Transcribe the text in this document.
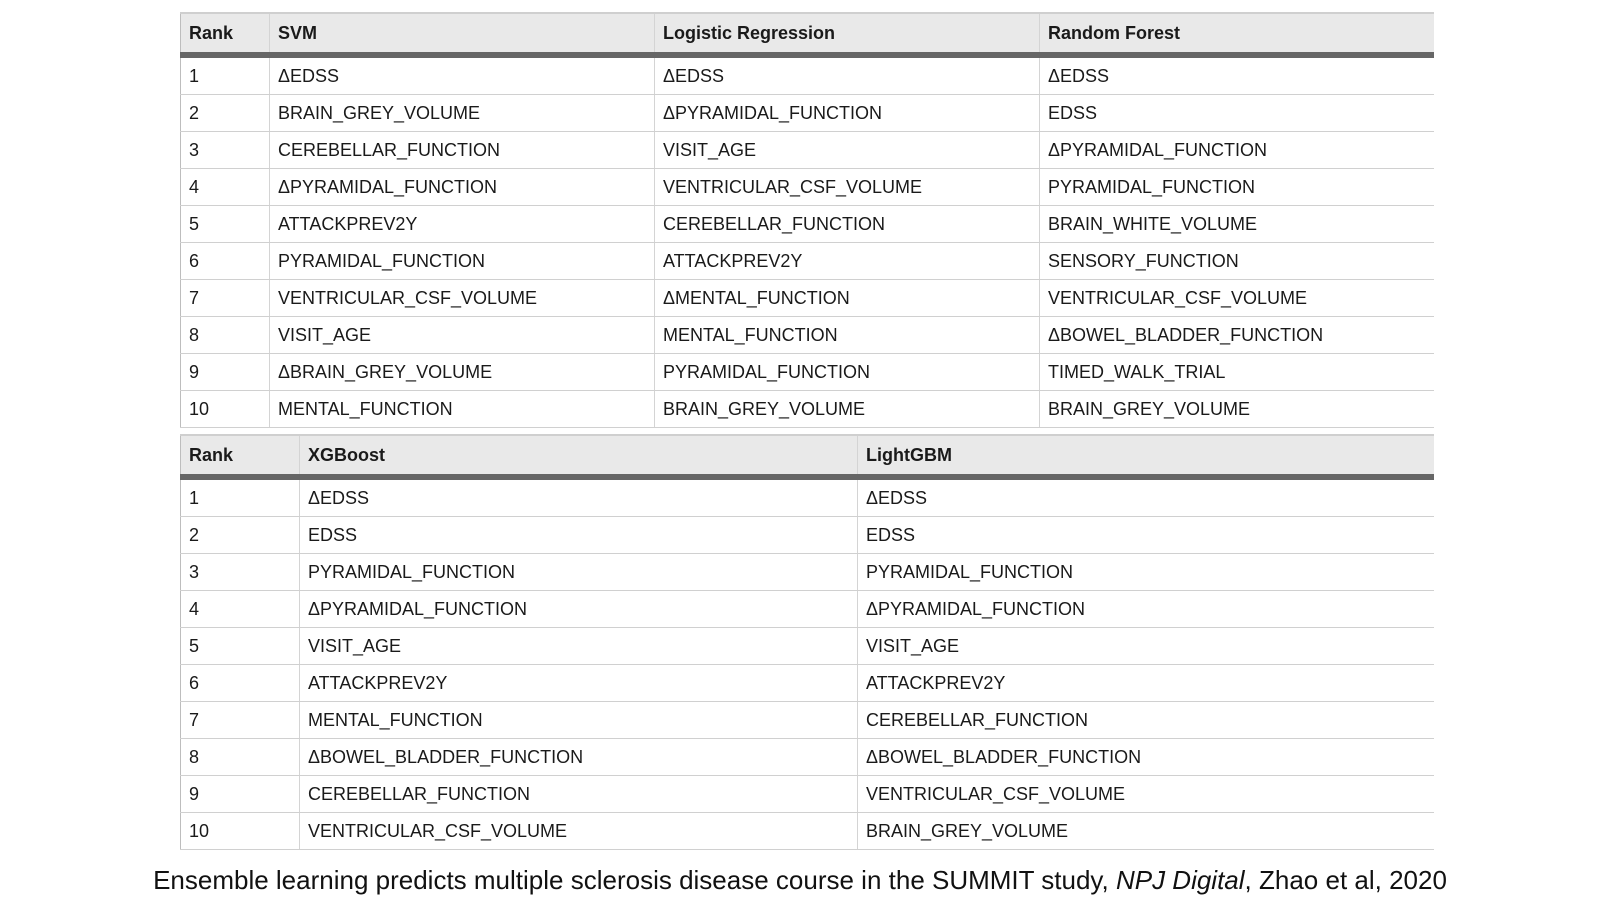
Rank	SVM	Logistic Regression	Random Forest
1	ΔEDSS	ΔEDSS	ΔEDSS
2	BRAIN_GREY_VOLUME	ΔPYRAMIDAL_FUNCTION	EDSS
3	CEREBELLAR_FUNCTION	VISIT_AGE	ΔPYRAMIDAL_FUNCTION
4	ΔPYRAMIDAL_FUNCTION	VENTRICULAR_CSF_VOLUME	PYRAMIDAL_FUNCTION
5	ATTACKPREV2Y	CEREBELLAR_FUNCTION	BRAIN_WHITE_VOLUME
6	PYRAMIDAL_FUNCTION	ATTACKPREV2Y	SENSORY_FUNCTION
7	VENTRICULAR_CSF_VOLUME	ΔMENTAL_FUNCTION	VENTRICULAR_CSF_VOLUME
8	VISIT_AGE	MENTAL_FUNCTION	ΔBOWEL_BLADDER_FUNCTION
9	ΔBRAIN_GREY_VOLUME	PYRAMIDAL_FUNCTION	TIMED_WALK_TRIAL
10	MENTAL_FUNCTION	BRAIN_GREY_VOLUME	BRAIN_GREY_VOLUME
Rank	XGBoost	LightGBM
1	ΔEDSS	ΔEDSS
2	EDSS	EDSS
3	PYRAMIDAL_FUNCTION	PYRAMIDAL_FUNCTION
4	ΔPYRAMIDAL_FUNCTION	ΔPYRAMIDAL_FUNCTION
5	VISIT_AGE	VISIT_AGE
6	ATTACKPREV2Y	ATTACKPREV2Y
7	MENTAL_FUNCTION	CEREBELLAR_FUNCTION
8	ΔBOWEL_BLADDER_FUNCTION	ΔBOWEL_BLADDER_FUNCTION
9	CEREBELLAR_FUNCTION	VENTRICULAR_CSF_VOLUME
10	VENTRICULAR_CSF_VOLUME	BRAIN_GREY_VOLUME
Ensemble learning predicts multiple sclerosis disease course in the SUMMIT study, NPJ Digital, Zhao et al, 2020
